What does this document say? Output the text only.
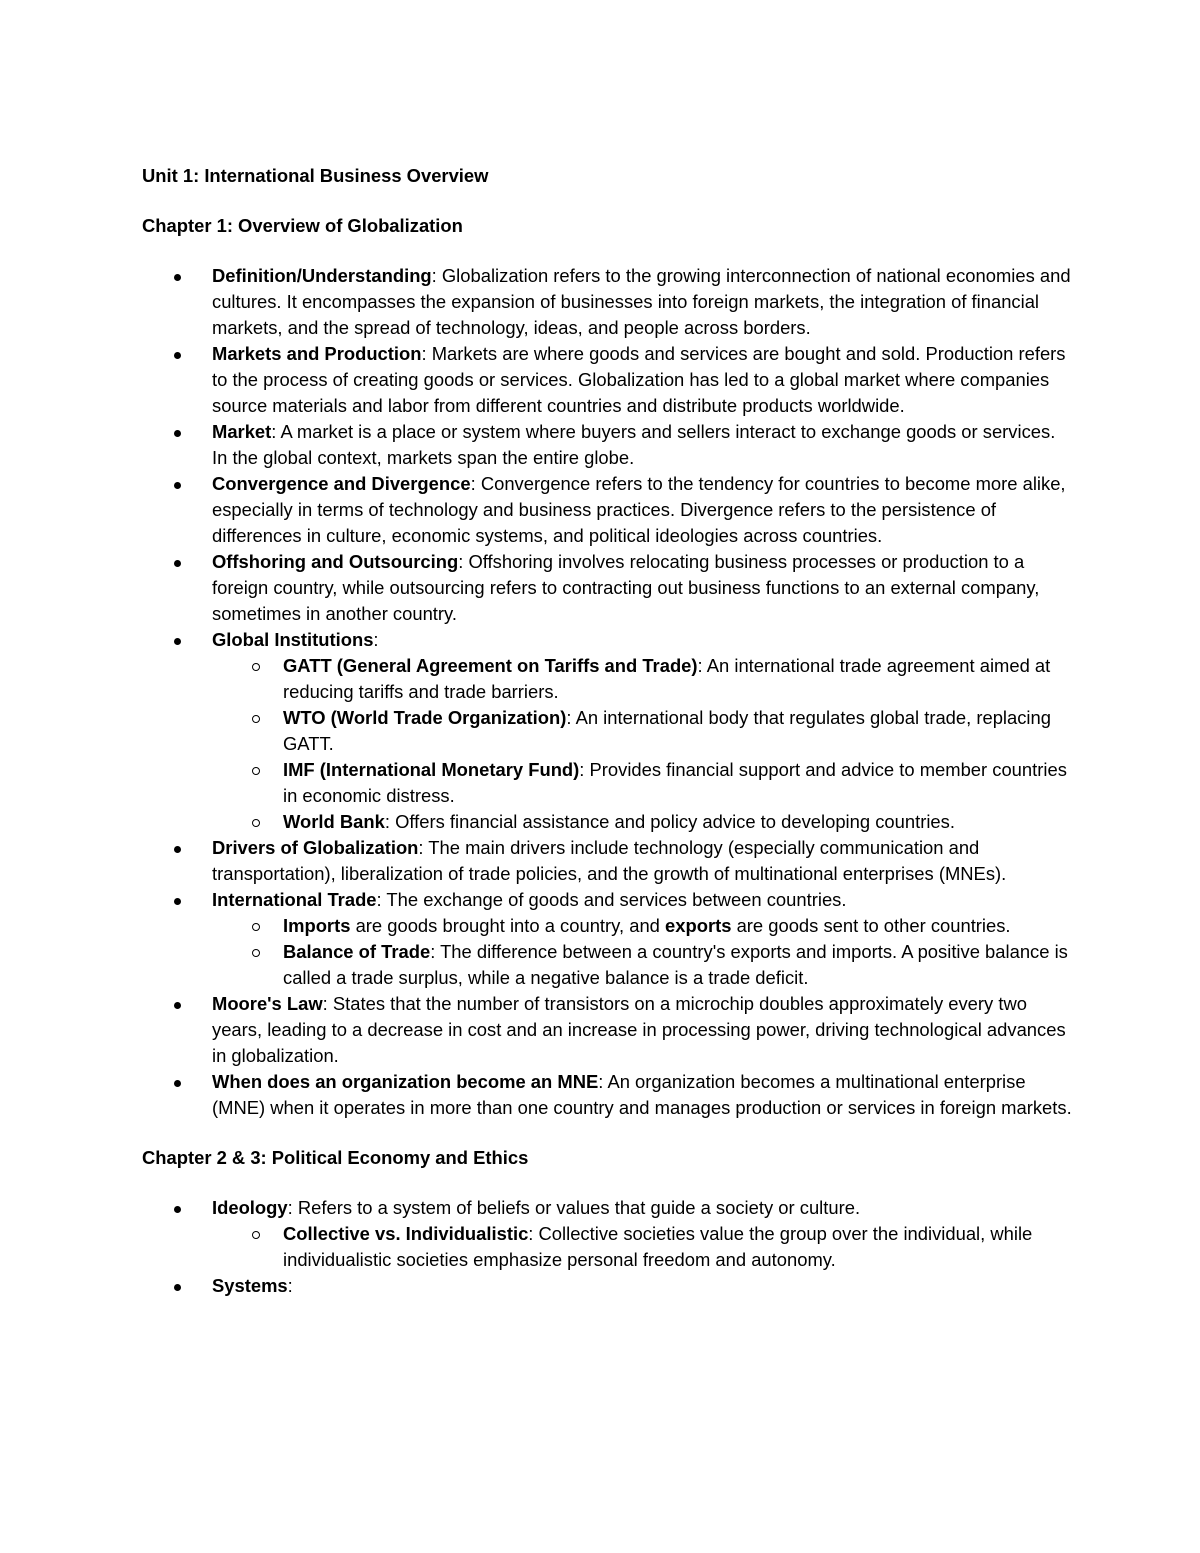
Unit 1: International Business Overview
Chapter 1: Overview of Globalization
Definition/Understanding: Globalization refers to the growing interconnection of national economies and cultures. It encompasses the expansion of businesses into foreign markets, the integration of financial markets, and the spread of technology, ideas, and people across borders.
Markets and Production: Markets are where goods and services are bought and sold. Production refers to the process of creating goods or services. Globalization has led to a global market where companies source materials and labor from different countries and distribute products worldwide.
Market: A market is a place or system where buyers and sellers interact to exchange goods or services. In the global context, markets span the entire globe.
Convergence and Divergence: Convergence refers to the tendency for countries to become more alike, especially in terms of technology and business practices. Divergence refers to the persistence of differences in culture, economic systems, and political ideologies across countries.
Offshoring and Outsourcing: Offshoring involves relocating business processes or production to a foreign country, while outsourcing refers to contracting out business functions to an external company, sometimes in another country.
Global Institutions:
GATT (General Agreement on Tariffs and Trade): An international trade agreement aimed at reducing tariffs and trade barriers.
WTO (World Trade Organization): An international body that regulates global trade, replacing GATT.
IMF (International Monetary Fund): Provides financial support and advice to member countries in economic distress.
World Bank: Offers financial assistance and policy advice to developing countries.
Drivers of Globalization: The main drivers include technology (especially communication and transportation), liberalization of trade policies, and the growth of multinational enterprises (MNEs).
International Trade: The exchange of goods and services between countries.
Imports are goods brought into a country, and exports are goods sent to other countries.
Balance of Trade: The difference between a country's exports and imports. A positive balance is called a trade surplus, while a negative balance is a trade deficit.
Moore's Law: States that the number of transistors on a microchip doubles approximately every two years, leading to a decrease in cost and an increase in processing power, driving technological advances in globalization.
When does an organization become an MNE: An organization becomes a multinational enterprise (MNE) when it operates in more than one country and manages production or services in foreign markets.
Chapter 2 & 3: Political Economy and Ethics
Ideology: Refers to a system of beliefs or values that guide a society or culture.
Collective vs. Individualistic: Collective societies value the group over the individual, while individualistic societies emphasize personal freedom and autonomy.
Systems:
